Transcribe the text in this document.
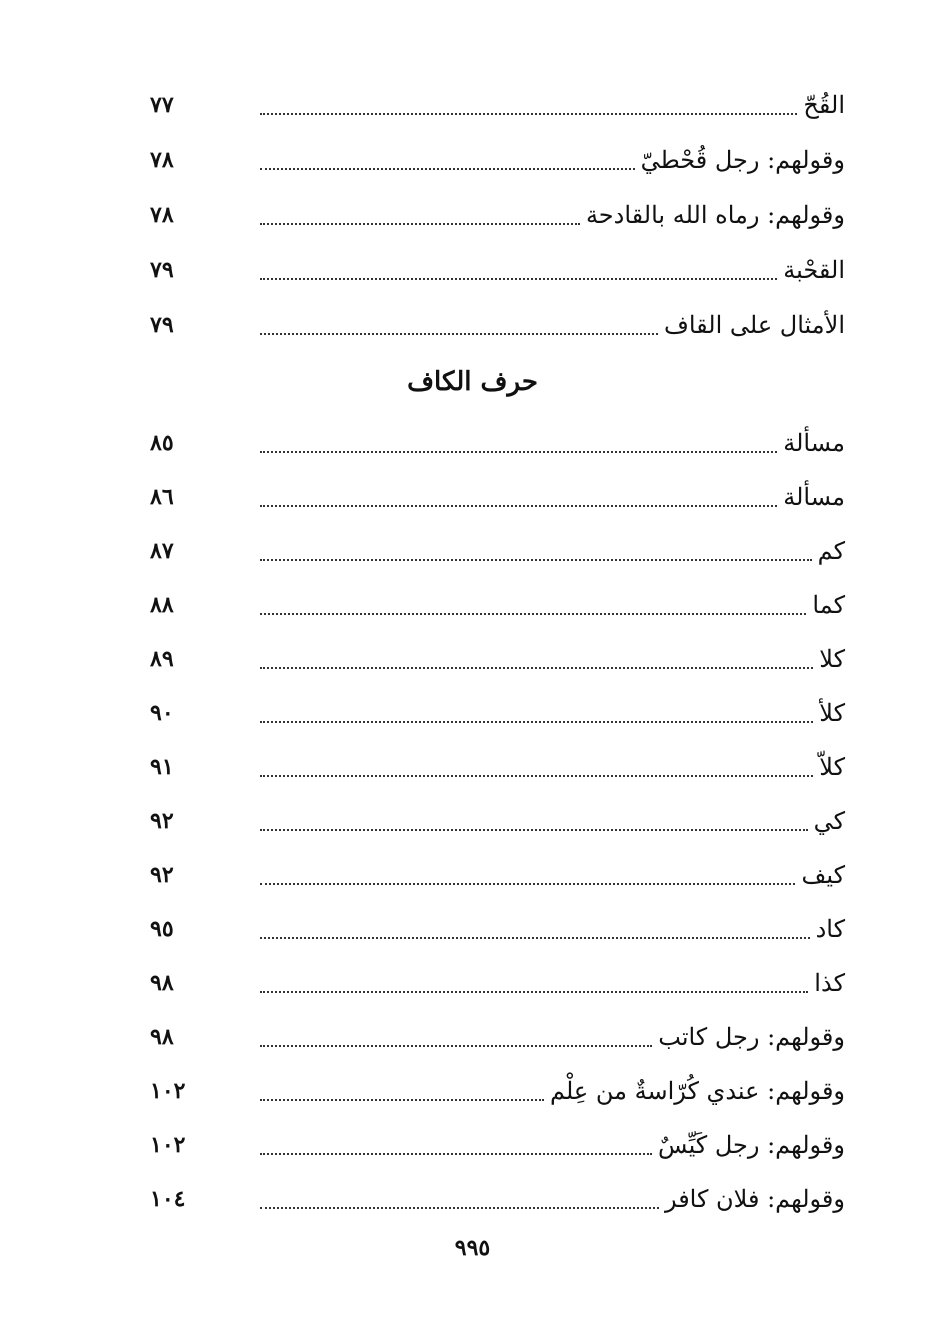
القُحّ
٧٧
وقولهم: رجل قُحْطيّ
٧٨
وقولهم: رماه الله بالقادحة
٧٨
القحْبة
٧٩
الأمثال على القاف
٧٩
حرف الكاف
مسألة
٨٥
مسألة
٨٦
كم
٨٧
كما
٨٨
كلا
٨٩
كلأ
٩٠
كلاّ
٩١
كي
٩٢
كيف
٩٢
كاد
٩٥
كذا
٩٨
وقولهم: رجل كاتب
٩٨
وقولهم: عندي كُرّاسةٌ من عِلْم
١٠٢
وقولهم: رجل كَيِّسٌ
١٠٢
وقولهم: فلان كافر
١٠٤
٩٩٥
